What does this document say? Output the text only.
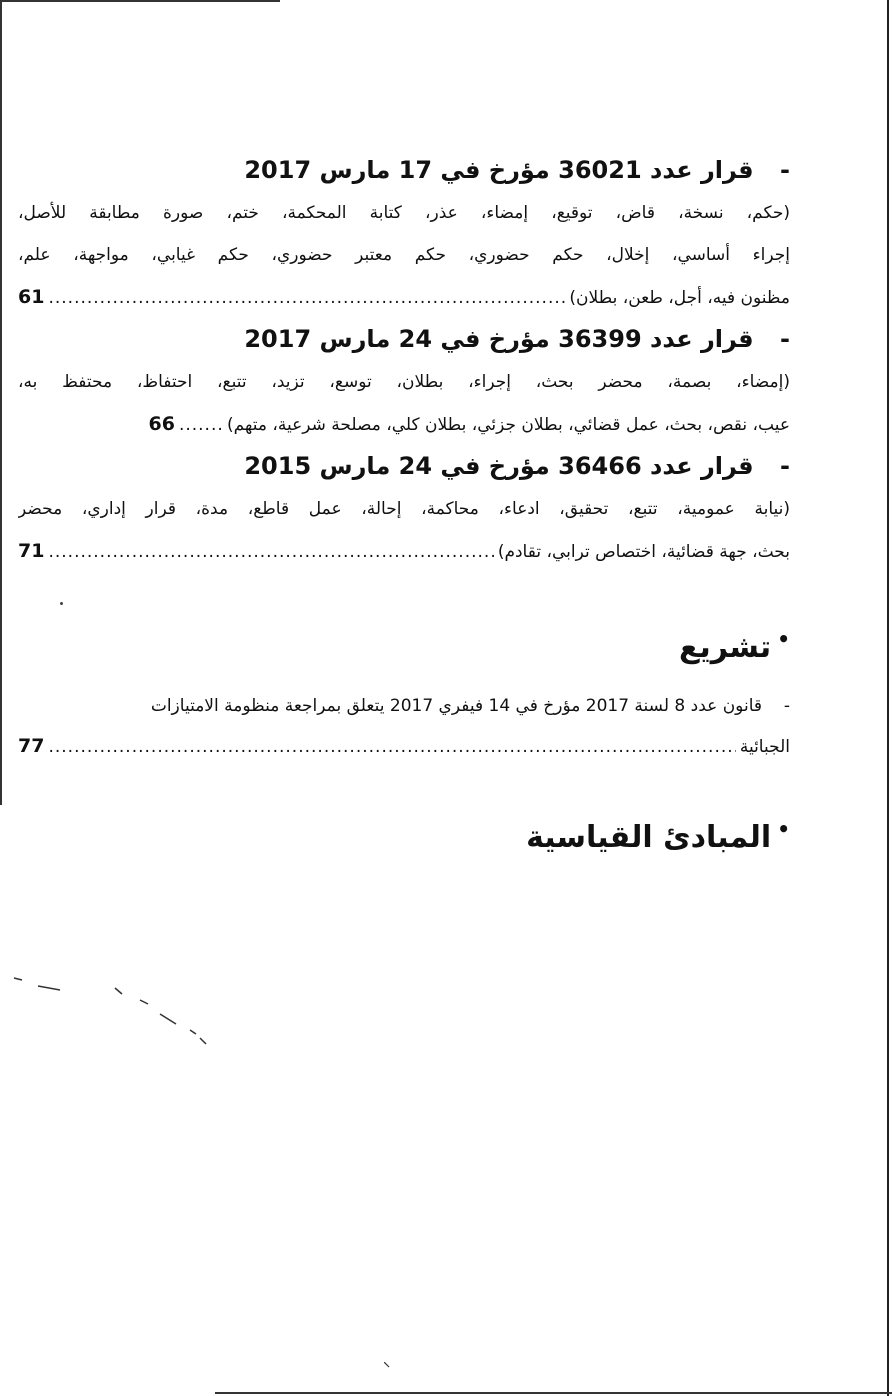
- قرار عدد 36021 مؤرخ في 17 مارس 2017
(حكم، نسخة، قاض، توقيع، إمضاء، عذر، كتابة المحكمة، ختم، صورة مطابقة للأصل،
إجراء أساسي، إخلال، حكم حضوري، حكم معتبر حضوري، حكم غيابي، مواجهة، علم،
مظنون فيه، أجل، طعن، بطلان)
.....
61
- قرار عدد 36399 مؤرخ في 24 مارس 2017
(إمضاء، بصمة، محضر بحث، إجراء، بطلان، توسع، تزيد، تتبع، احتفاظ، محتفظ به،
عيب، نقص، بحث، عمل قضائي، بطلان جزئي، بطلان كلي، مصلحة شرعية، متهم)
.....
66
- قرار عدد 36466 مؤرخ في 24 مارس 2015
(نيابة عمومية، تتبع، تحقيق، ادعاء، محاكمة، إحالة، عمل قاطع، مدة، قرار إداري، محضر
بحث، جهة قضائية، اختصاص ترابي، تقادم)
.....
71
•تشريع
-قانون عدد 8 لسنة 2017 مؤرخ في 14 فيفري 2017 يتعلق بمراجعة منظومة الامتيازات
الجبائية
.....
77
•المبادئ القياسية
